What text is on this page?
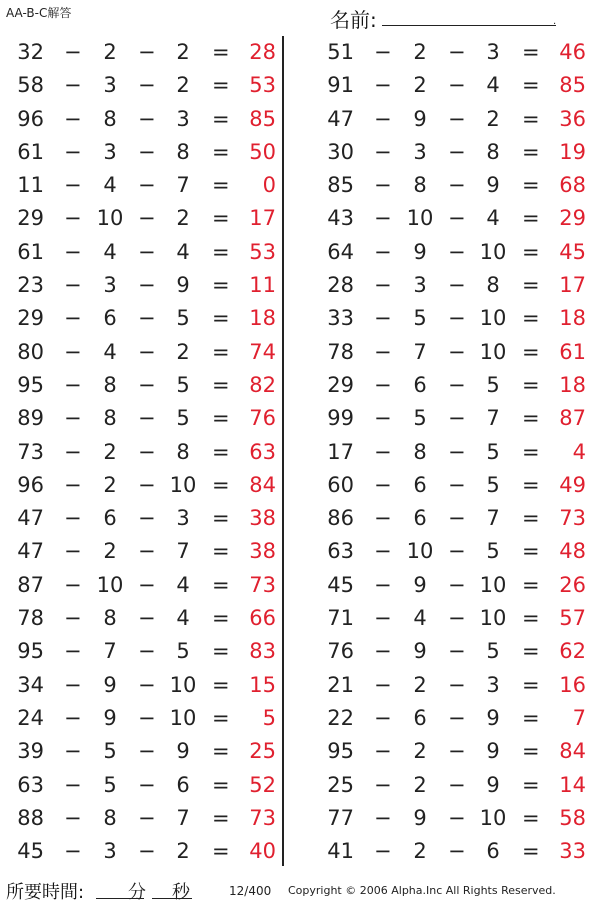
AA-B-C解答	名前:	.
32 −	2	− 2	= 28
58 −	3	− 2	= 53
96 −	8	− 3	= 85
61 −	3	− 8	= 50
11 −	4	− 7	=	0
29 − 10 − 2	= 17
61 −	4	− 4	= 53
23 −	3	− 9	= 11
29 −	6	− 5	= 18
80 −	4	− 2	= 74
95 −	8	− 5	= 82
89 −	8	− 5	= 76
73 −	2	− 8	= 63
96 −	2	− 10 = 84
47 −	6	− 3	= 38
47 −	2	− 7	= 38
87 − 10 − 4	= 73
78 −	8	− 4	= 66
95 −	7	− 5	= 83
34 −	9	− 10 = 15
24 −	9	− 10 =	5
39 −	5	− 9	= 25
63 −	5	− 6	= 52
88 −	8	− 7	= 73
45 −	3	− 2	= 40
51 −	2	− 3	= 46
91 −	2	− 4	= 85
47 −	9	− 2	= 36
30 −	3	− 8	= 19
85 −	8	− 9	= 68
43 − 10 − 4	= 29
64 −	9	− 10 = 45
28 −	3	− 8	= 17
33 −	5	− 10 = 18
78 −	7	− 10 = 61
29 −	6	− 5	= 18
99 −	5	− 7	= 87
17 −	8	− 5	=	4
60 −	6	− 5	= 49
86 −	6	− 7	= 73
63 − 10 − 5	= 48
45 −	9	− 10 = 26
71 −	4	− 10 = 57
76 −	9	− 5	= 62
21 −	2	− 3	= 16
22 −	6	− 9	=	7
95 −	2	− 9	= 84
25 −	2	− 9	= 14
77 −	9	− 10 = 58
41 −	2	− 6	= 33
所要時間: 分 秒	12/400 Copyright © 2006 Alpha.Inc All Rights Reserved.
